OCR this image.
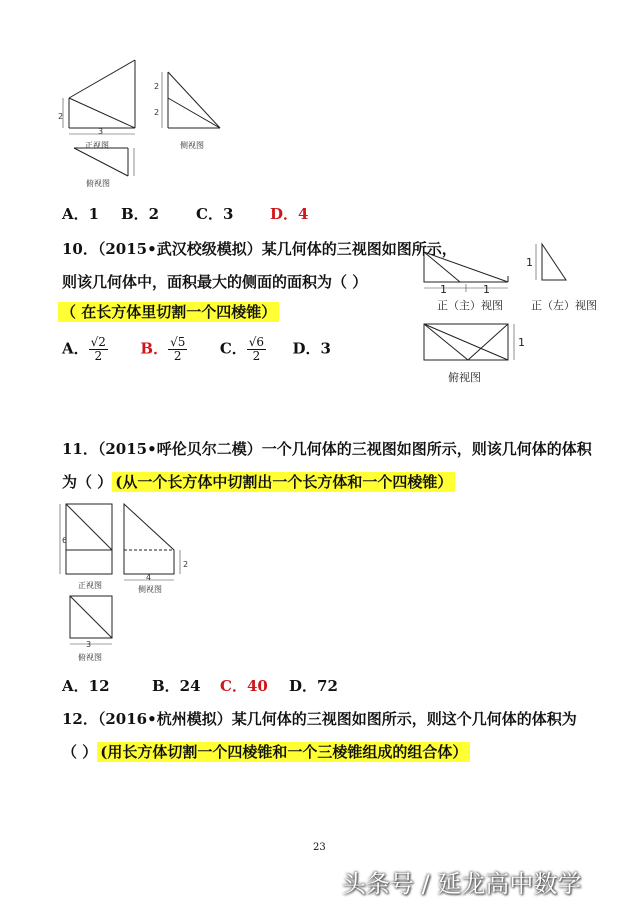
2
3
正视图
2
2
侧视图
俯视图
A．1 B．2 C．3 D．4
10．（2015•武汉校级模拟）某几何体的三视图如图所示，
则该几何体中，面积最大的侧面的面积为（ ）
（ 在长方体里切割一个四棱锥）
A． $\frac{√2}{2}$ B． $\frac{√5}{2}$ C． $\frac{√6}{2}$ D．3
1	1
正（主）视图
1
正（左）视图
1
俯视图
11．（2015•呼伦贝尔二模）一个几何体的三视图如图所示，则该几何体的体积
为（ ） (从一个长方体中切割出一个长方体和一个四棱锥）
6
正视图
2
4
侧视图
3
俯视图
A．12	B．24 C．40 D．72
12．（2016•杭州模拟）某几何体的三视图如图所示，则这个几何体的体积为
（ ） (用长方体切割一个四棱锥和一个三棱锥组成的组合体）
23
头条号 / 延龙高中数学
